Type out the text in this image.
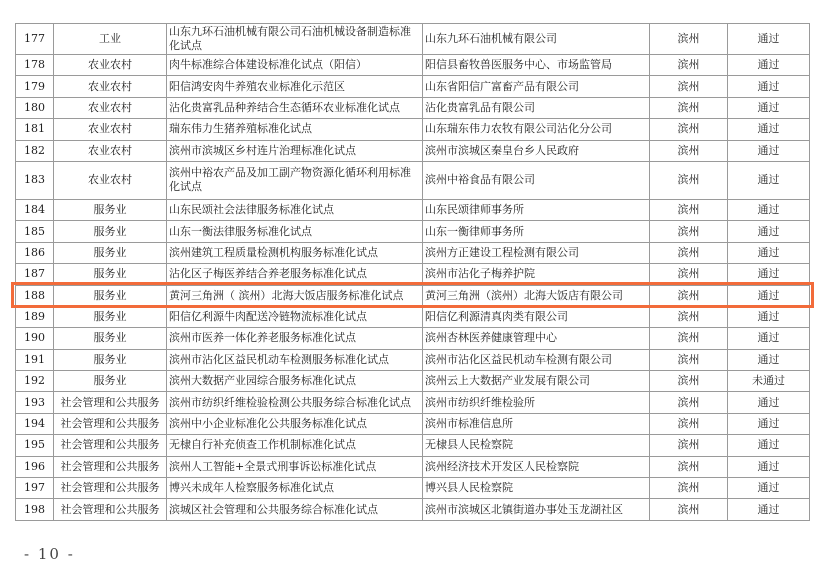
177	工业	山东九环石油机械有限公司石油机械设备制造标准化试点	山东九环石油机械有限公司	滨州	通过
178	农业农村	肉牛标准综合体建设标准化试点（阳信）	阳信县畜牧兽医服务中心、市场监管局	滨州	通过
179	农业农村	阳信鸿安肉牛养殖农业标准化示范区	山东省阳信广富畜产品有限公司	滨州	通过
180	农业农村	沾化贵富乳品种养结合生态循环农业标准化试点	沾化贵富乳品有限公司	滨州	通过
181	农业农村	瑞东伟力生猪养殖标准化试点	山东瑞东伟力农牧有限公司沾化分公司	滨州	通过
182	农业农村	滨州市滨城区乡村连片治理标准化试点	滨州市滨城区秦皇台乡人民政府	滨州	通过
183	农业农村	滨州中裕农产品及加工副产物资源化循环利用标准化试点	滨州中裕食品有限公司	滨州	通过
184	服务业	山东民颂社会法律服务标准化试点	山东民颂律师事务所	滨州	通过
185	服务业	山东一衡法律服务标准化试点	山东一衡律师事务所	滨州	通过
186	服务业	滨州建筑工程质量检测机构服务标准化试点	滨州方正建设工程检测有限公司	滨州	通过
187	服务业	沾化区子梅医养结合养老服务标准化试点	滨州市沾化子梅养护院	滨州	通过
188	服务业	黄河三角洲（ 滨州）北海大饭店服务标准化试点	黄河三角洲（滨州）北海大饭店有限公司	滨州	通过
189	服务业	阳信亿利源牛肉配送冷链物流标准化试点	阳信亿利源清真肉类有限公司	滨州	通过
190	服务业	滨州市医养一体化养老服务标准化试点	滨州杏林医养健康管理中心	滨州	通过
191	服务业	滨州市沾化区益民机动车检测服务标准化试点	滨州市沾化区益民机动车检测有限公司	滨州	通过
192	服务业	滨州大数据产业园综合服务标准化试点	滨州云上大数据产业发展有限公司	滨州	未通过
193	社会管理和公共服务	滨州市纺织纤维检验检测公共服务综合标准化试点	滨州市纺织纤维检验所	滨州	通过
194	社会管理和公共服务	滨州中小企业标准化公共服务标准化试点	滨州市标准信息所	滨州	通过
195	社会管理和公共服务	无棣自行补充侦查工作机制标准化试点	无棣县人民检察院	滨州	通过
196	社会管理和公共服务	滨州人工智能+全景式刑事诉讼标准化试点	滨州经济技术开发区人民检察院	滨州	通过
197	社会管理和公共服务	博兴未成年人检察服务标准化试点	博兴县人民检察院	滨州	通过
198	社会管理和公共服务	滨城区社会管理和公共服务综合标准化试点	滨州市滨城区北镇街道办事处玉龙湖社区	滨州	通过
- 10 -
